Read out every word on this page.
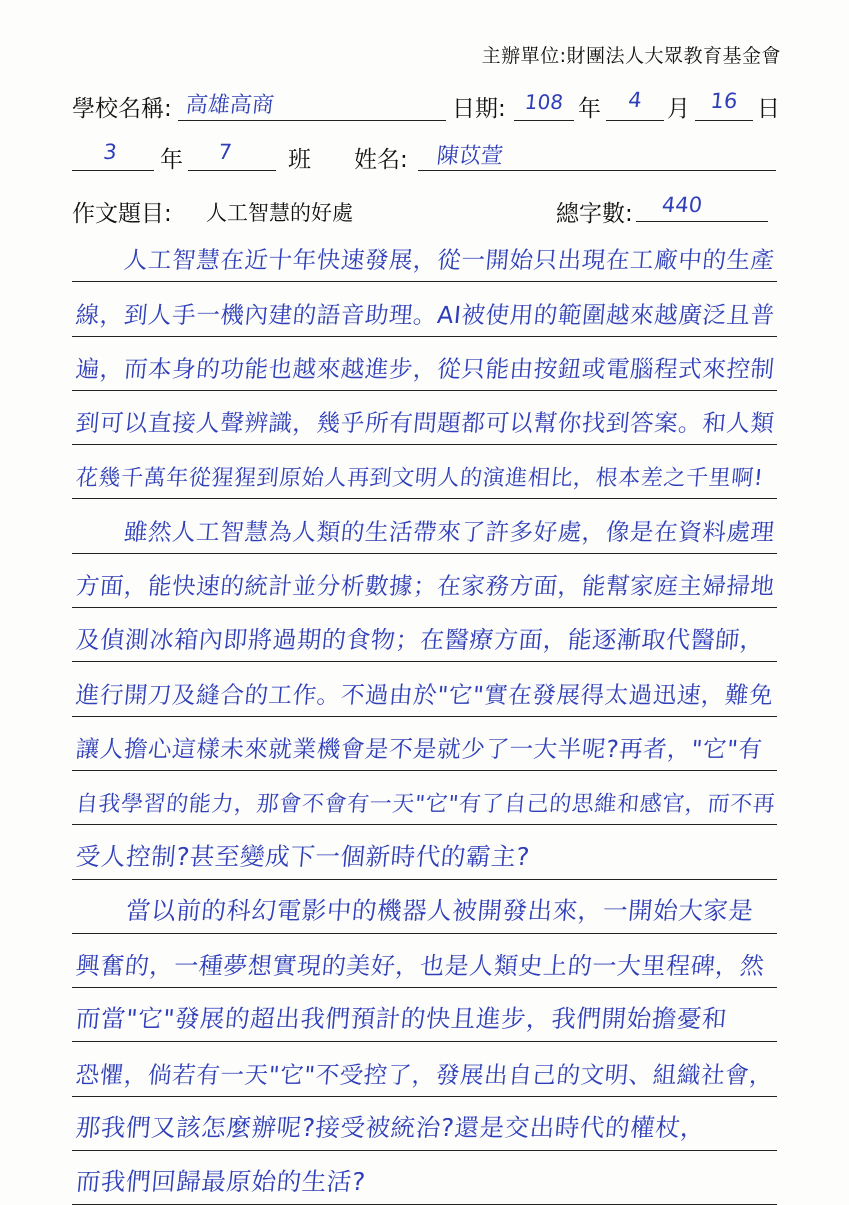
主辦單位:財團法人大眾教育基金會
學校名稱: 高雄高商	日期: 108 年	4	月 16 日
3	年	7	班 姓名:	陳苡萱
作文題目: 人工智慧的好處	總字數:	440
　　人工智慧在近十年快速發展，從一開始只出現在工廠中的生產
線，到人手一機內建的語音助理。AI被使用的範圍越來越廣泛且普
遍，而本身的功能也越來越進步，從只能由按鈕或電腦程式來控制
到可以直接人聲辨識，幾乎所有問題都可以幫你找到答案。和人類
花幾千萬年從猩猩到原始人再到文明人的演進相比，根本差之千里啊!
　　雖然人工智慧為人類的生活帶來了許多好處，像是在資料處理
方面，能快速的統計並分析數據；在家務方面，能幫家庭主婦掃地
及偵測冰箱內即將過期的食物；在醫療方面，能逐漸取代醫師，
進行開刀及縫合的工作。不過由於"它"實在發展得太過迅速，難免
讓人擔心這樣未來就業機會是不是就少了一大半呢?再者，"它"有
自我學習的能力，那會不會有一天"它"有了自己的思維和感官，而不再
受人控制?甚至變成下一個新時代的霸主?
　　當以前的科幻電影中的機器人被開發出來，一開始大家是
興奮的，一種夢想實現的美好，也是人類史上的一大里程碑，然
而當"它"發展的超出我們預計的快且進步，我們開始擔憂和
恐懼，倘若有一天"它"不受控了，發展出自己的文明、組織社會，
那我們又該怎麼辦呢?接受被統治?還是交出時代的權杖，
而我們回歸最原始的生活?
